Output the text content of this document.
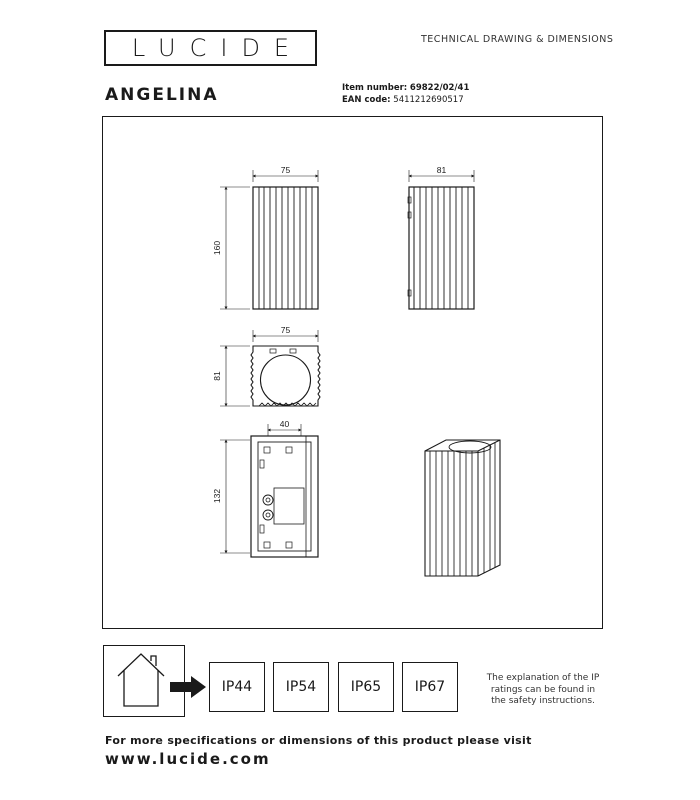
LUCIDE	TECHNICAL DRAWING & DIMENSIONS
ANGELINA	Item number: 69822/02/41
EAN code: 5411212690517
75
160
81
75
81
40
132
IP44	IP54	IP65	IP67
The explanation of the IP ratings can be found in the safety instructions.
For more specifications or dimensions of this product please visit
www.lucide.com
